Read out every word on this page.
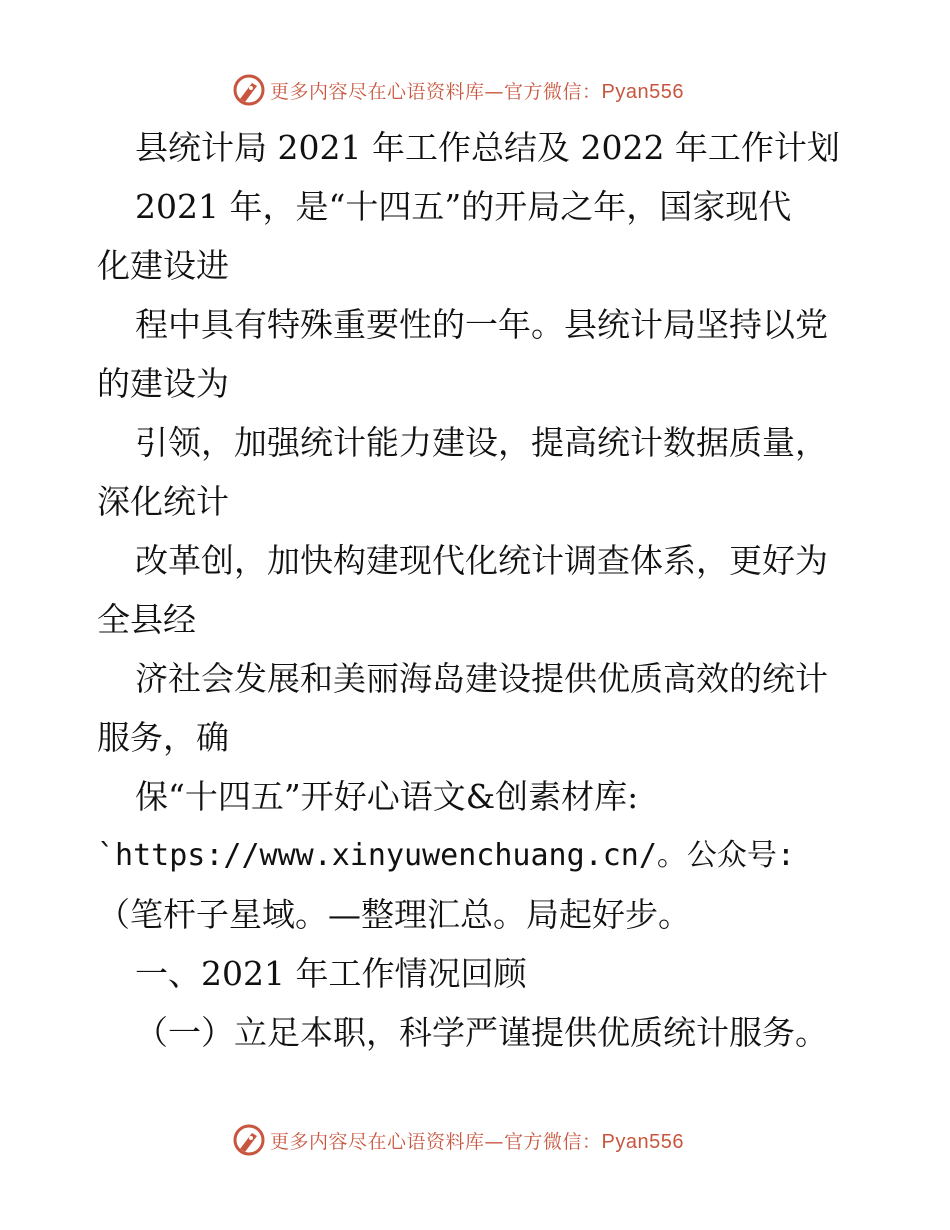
更多内容尽在心语资料库—官方微信：Pyan556
县统计局 2021 年工作总结及 2022 年工作计划
2021 年，是“十四五”的开局之年，国家现代
化建设进
程中具有特殊重要性的一年。县统计局坚持以党
的建设为
引领，加强统计能力建设，提高统计数据质量，
深化统计
改革创，加快构建现代化统计调查体系，更好为
全县经
济社会发展和美丽海岛建设提供优质高效的统计
服务，确
保“十四五”开好心语文&创素材库:
`https://www.xinyuwenchuang.cn/。公众号:
（笔杆子星域。—整理汇总。局起好步。
一、2021 年工作情况回顾
（一）立足本职，科学严谨提供优质统计服务。
更多内容尽在心语资料库—官方微信：Pyan556
